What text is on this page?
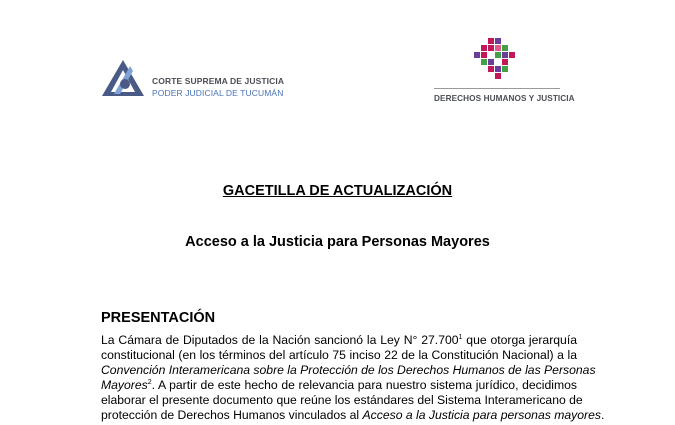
CORTE SUPREMA DE JUSTICIA
PODER JUDICIAL DE TUCUMÁN
DERECHOS HUMANOS Y JUSTICIA
GACETILLA DE ACTUALIZACIÓN
Acceso a la Justicia para Personas Mayores
PRESENTACIÓN
La Cámara de Diputados de la Nación sancionó la Ley N° 27.700$^1$ que otorga jerarquía
constitucional (en los términos del artículo 75 inciso 22 de la Constitución Nacional) a la
Convención Interamericana sobre la Protección de los Derechos Humanos de las Personas
Mayores$^2$. A partir de este hecho de relevancia para nuestro sistema jurídico, decidimos
elaborar el presente documento que reúne los estándares del Sistema Interamericano de
protección de Derechos Humanos vinculados al Acceso a la Justicia para personas mayores.
